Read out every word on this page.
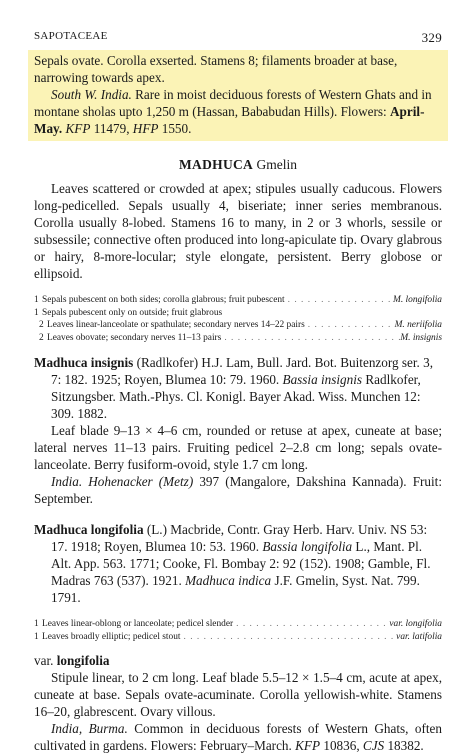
SAPOTACEAE	329

Sepals ovate. Corolla exserted. Stamens 8; filaments broader at base, narrowing towards apex.

South W. India. Rare in moist deciduous forests of Western Ghats and in montane sholas upto 1,250 m (Hassan, Bababudan Hills). Flowers: April-May. KFP 11479, HFP 1550.

MADHUCA Gmelin

Leaves scattered or crowded at apex; stipules usually caducous. Flowers long-pedicelled. Sepals usually 4, biseriate; inner series membranous. Corolla usually 8-lobed. Stamens 16 to many, in 2 or 3 whorls, sessile or subsessile; connective often produced into long-apiculate tip. Ovary glabrous or hairy, 8-more-locular; style elongate, persistent. Berry globose or ellipsoid.

1 Sepals pubescent on both sides; corolla glabrous; fruit pubescent . . .	M. longifolia
1 Sepals pubescent only on outside; fruit glabrous
2 Leaves linear-lanceolate or spathulate; secondary nerves 14–22 pairs . . .	M. neriifolia
2 Leaves obovate; secondary nerves 11–13 pairs . . .	M. insignis

Madhuca insignis (Radlkofer) H.J. Lam, Bull. Jard. Bot. Buitenzorg ser. 3, 7: 182. 1925; Royen, Blumea 10: 79. 1960. Bassia insignis Radlkofer, Sitzungsber. Math.-Phys. Cl. Konigl. Bayer Akad. Wiss. Munchen 12: 309. 1882.

Leaf blade 9–13 × 4–6 cm, rounded or retuse at apex, cuneate at base; lateral nerves 11–13 pairs. Fruiting pedicel 2–2.8 cm long; sepals ovate-lanceolate. Berry fusiform-ovoid, style 1.7 cm long.

India. Hohenacker (Metz) 397 (Mangalore, Dakshina Kannada). Fruit: September.

Madhuca longifolia (L.) Macbride, Contr. Gray Herb. Harv. Univ. NS 53: 17. 1918; Royen, Blumea 10: 53. 1960. Bassia longifolia L., Mant. Pl. Alt. App. 563. 1771; Cooke, Fl. Bombay 2: 92 (152). 1908; Gamble, Fl. Madras 763 (537). 1921. Madhuca indica J.F. Gmelin, Syst. Nat. 799. 1791.

1 Leaves linear-oblong or lanceolate; pedicel slender . . .	var. longifolia
1 Leaves broadly elliptic; pedicel stout . . .	var. latifolia
var. longifolia

Stipule linear, to 2 cm long. Leaf blade 5.5–12 × 1.5–4 cm, acute at apex, cuneate at base. Sepals ovate-acuminate. Corolla yellowish-white. Stamens 16–20, glabrescent. Ovary villous.

India, Burma. Common in deciduous forests of Western Ghats, often cultivated in gardens. Flowers: February–March. KFP 10836, CJS 18382.
